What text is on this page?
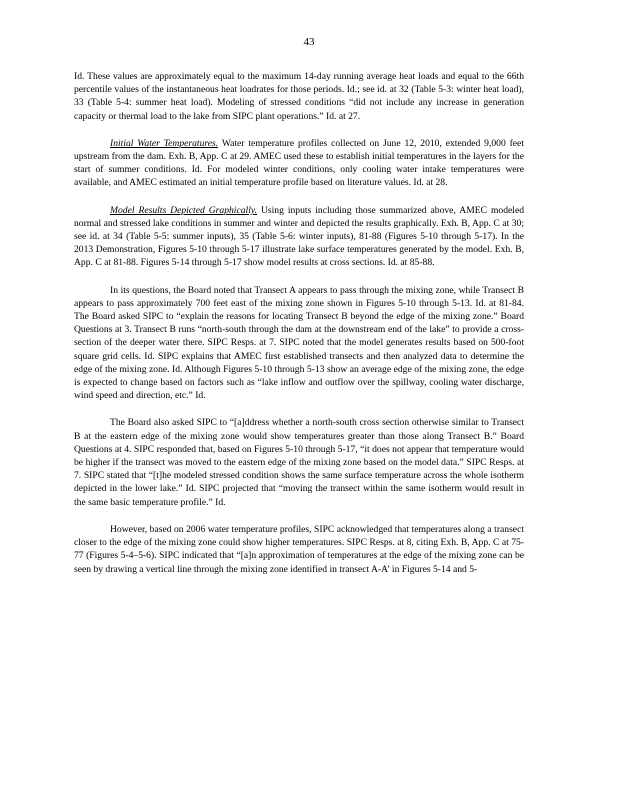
43

Id. These values are approximately equal to the maximum 14-day running average heat loads and equal to the 66th percentile values of the instantaneous heat loadrates for those periods. Id.; see id. at 32 (Table 5-3: winter heat load), 33 (Table 5-4: summer heat load). Modeling of stressed conditions “did not include any increase in generation capacity or thermal load to the lake from SIPC plant operations.” Id. at 27.

Initial Water Temperatures. Water temperature profiles collected on June 12, 2010, extended 9,000 feet upstream from the dam. Exh. B, App. C at 29. AMEC used these to establish initial temperatures in the layers for the start of summer conditions. Id. For modeled winter conditions, only cooling water intake temperatures were available, and AMEC estimated an initial temperature profile based on literature values. Id. at 28.

Model Results Depicted Graphically. Using inputs including those summarized above, AMEC modeled normal and stressed lake conditions in summer and winter and depicted the results graphically. Exh. B, App. C at 30; see id. at 34 (Table 5-5: summer inputs), 35 (Table 5-6: winter inputs), 81-88 (Figures 5-10 through 5-17). In the 2013 Demonstration, Figures 5-10 through 5-17 illustrate lake surface temperatures generated by the model. Exh. B, App. C at 81-88. Figures 5-14 through 5-17 show model results at cross sections. Id. at 85-88.

In its questions, the Board noted that Transect A appears to pass through the mixing zone, while Transect B appears to pass approximately 700 feet east of the mixing zone shown in Figures 5-10 through 5-13. Id. at 81-84. The Board asked SIPC to “explain the reasons for locating Transect B beyond the edge of the mixing zone.” Board Questions at 3. Transect B runs “north-south through the dam at the downstream end of the lake” to provide a cross-section of the deeper water there. SIPC Resps. at 7. SIPC noted that the model generates results based on 500-foot square grid cells. Id. SIPC explains that AMEC first established transects and then analyzed data to determine the edge of the mixing zone. Id. Although Figures 5-10 through 5-13 show an average edge of the mixing zone, the edge is expected to change based on factors such as “lake inflow and outflow over the spillway, cooling water discharge, wind speed and direction, etc.” Id.

The Board also asked SIPC to “[a]ddress whether a north-south cross section otherwise similar to Transect B at the eastern edge of the mixing zone would show temperatures greater than those along Transect B.” Board Questions at 4. SIPC responded that, based on Figures 5-10 through 5-17, “it does not appear that temperature would be higher if the transect was moved to the eastern edge of the mixing zone based on the model data.” SIPC Resps. at 7. SIPC stated that “[t]he modeled stressed condition shows the same surface temperature across the whole isotherm depicted in the lower lake.” Id. SIPC projected that “moving the transect within the same isotherm would result in the same basic temperature profile.” Id.

However, based on 2006 water temperature profiles, SIPC acknowledged that temperatures along a transect closer to the edge of the mixing zone could show higher temperatures. SIPC Resps. at 8, citing Exh. B, App. C at 75-77 (Figures 5-4–5-6). SIPC indicated that “[a]n approximation of temperatures at the edge of the mixing zone can be seen by drawing a vertical line through the mixing zone identified in transect A-A’ in Figures 5-14 and 5-
